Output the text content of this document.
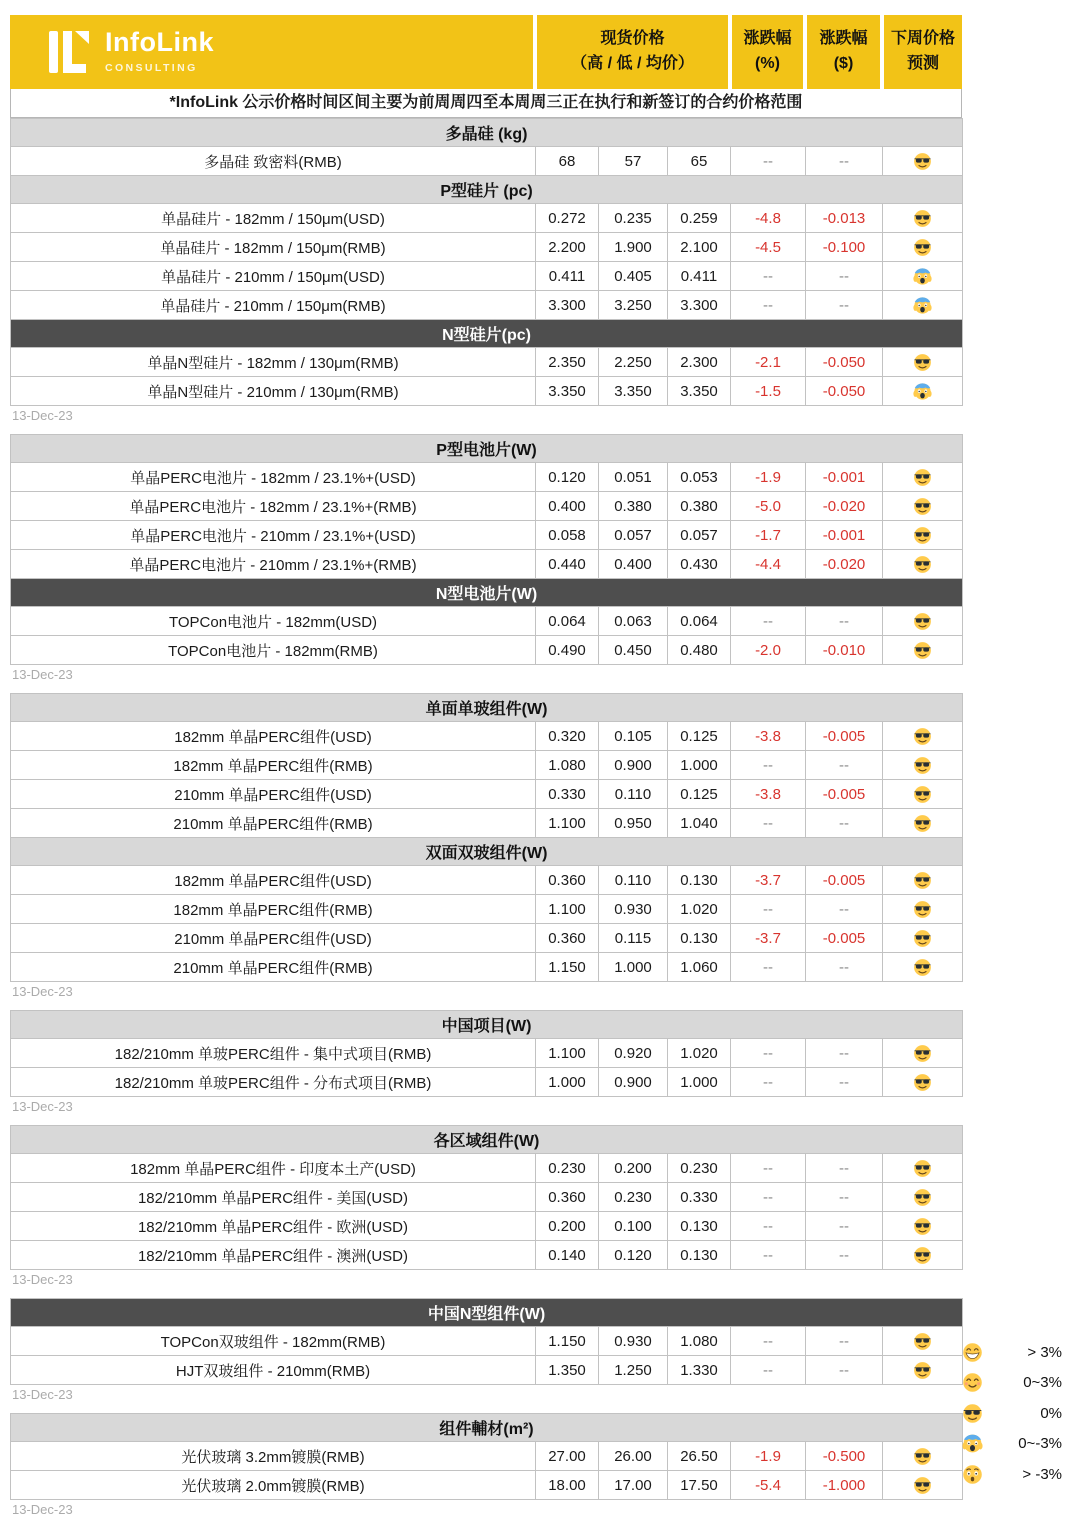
InfoLink
CONSULTING
现货价格
（高 / 低 / 均价）
涨跌幅
(%)
涨跌幅
($)
下周价格
预测
*InfoLink 公示价格时间区间主要为前周周四至本周周三正在执行和新签订的合约价格范围
多晶硅 (kg)						
多晶硅 致密料(RMB)	68	57	65	--	--	
P型硅片 (pc)						
单晶硅片 - 182mm / 150μm(USD)	0.272	0.235	0.259	-4.8	-0.013	
单晶硅片 - 182mm / 150μm(RMB)	2.200	1.900	2.100	-4.5	-0.100	
单晶硅片 - 210mm / 150μm(USD)	0.411	0.405	0.411	--	--	
单晶硅片 - 210mm / 150μm(RMB)	3.300	3.250	3.300	--	--	
N型硅片(pc)						
单晶N型硅片 - 182mm / 130μm(RMB)	2.350	2.250	2.300	-2.1	-0.050	
单晶N型硅片 - 210mm / 130μm(RMB)	3.350	3.350	3.350	-1.5	-0.050	
13-Dec-23
P型电池片(W)						
单晶PERC电池片 - 182mm / 23.1%+(USD)	0.120	0.051	0.053	-1.9	-0.001	
单晶PERC电池片 - 182mm / 23.1%+(RMB)	0.400	0.380	0.380	-5.0	-0.020	
单晶PERC电池片 - 210mm / 23.1%+(USD)	0.058	0.057	0.057	-1.7	-0.001	
单晶PERC电池片 - 210mm / 23.1%+(RMB)	0.440	0.400	0.430	-4.4	-0.020	
N型电池片(W)						
TOPCon电池片 - 182mm(USD)	0.064	0.063	0.064	--	--	
TOPCon电池片 - 182mm(RMB)	0.490	0.450	0.480	-2.0	-0.010	
13-Dec-23
单面单玻组件(W)						
182mm 单晶PERC组件(USD)	0.320	0.105	0.125	-3.8	-0.005	
182mm 单晶PERC组件(RMB)	1.080	0.900	1.000	--	--	
210mm 单晶PERC组件(USD)	0.330	0.110	0.125	-3.8	-0.005	
210mm 单晶PERC组件(RMB)	1.100	0.950	1.040	--	--	
双面双玻组件(W)						
182mm 单晶PERC组件(USD)	0.360	0.110	0.130	-3.7	-0.005	
182mm 单晶PERC组件(RMB)	1.100	0.930	1.020	--	--	
210mm 单晶PERC组件(USD)	0.360	0.115	0.130	-3.7	-0.005	
210mm 单晶PERC组件(RMB)	1.150	1.000	1.060	--	--	
13-Dec-23
中国项目(W)						
182/210mm 单玻PERC组件 - 集中式项目(RMB)	1.100	0.920	1.020	--	--	
182/210mm 单玻PERC组件 - 分布式项目(RMB)	1.000	0.900	1.000	--	--	
13-Dec-23
各区域组件(W)						
182mm 单晶PERC组件 - 印度本土产(USD)	0.230	0.200	0.230	--	--	
182/210mm 单晶PERC组件 - 美国(USD)	0.360	0.230	0.330	--	--	
182/210mm 单晶PERC组件 - 欧洲(USD)	0.200	0.100	0.130	--	--	
182/210mm 单晶PERC组件 - 澳洲(USD)	0.140	0.120	0.130	--	--	
13-Dec-23
中国N型组件(W)						
TOPCon双玻组件 - 182mm(RMB)	1.150	0.930	1.080	--	--	
HJT双玻组件 - 210mm(RMB)	1.350	1.250	1.330	--	--	
13-Dec-23
组件輔材(m²)						
光伏玻璃 3.2mm镀膜(RMB)	27.00	26.00	26.50	-1.9	-0.500	
光伏玻璃 2.0mm镀膜(RMB)	18.00	17.00	17.50	-5.4	-1.000	
13-Dec-23
> 3%
0~3%
0%
0~-3%
> -3%
